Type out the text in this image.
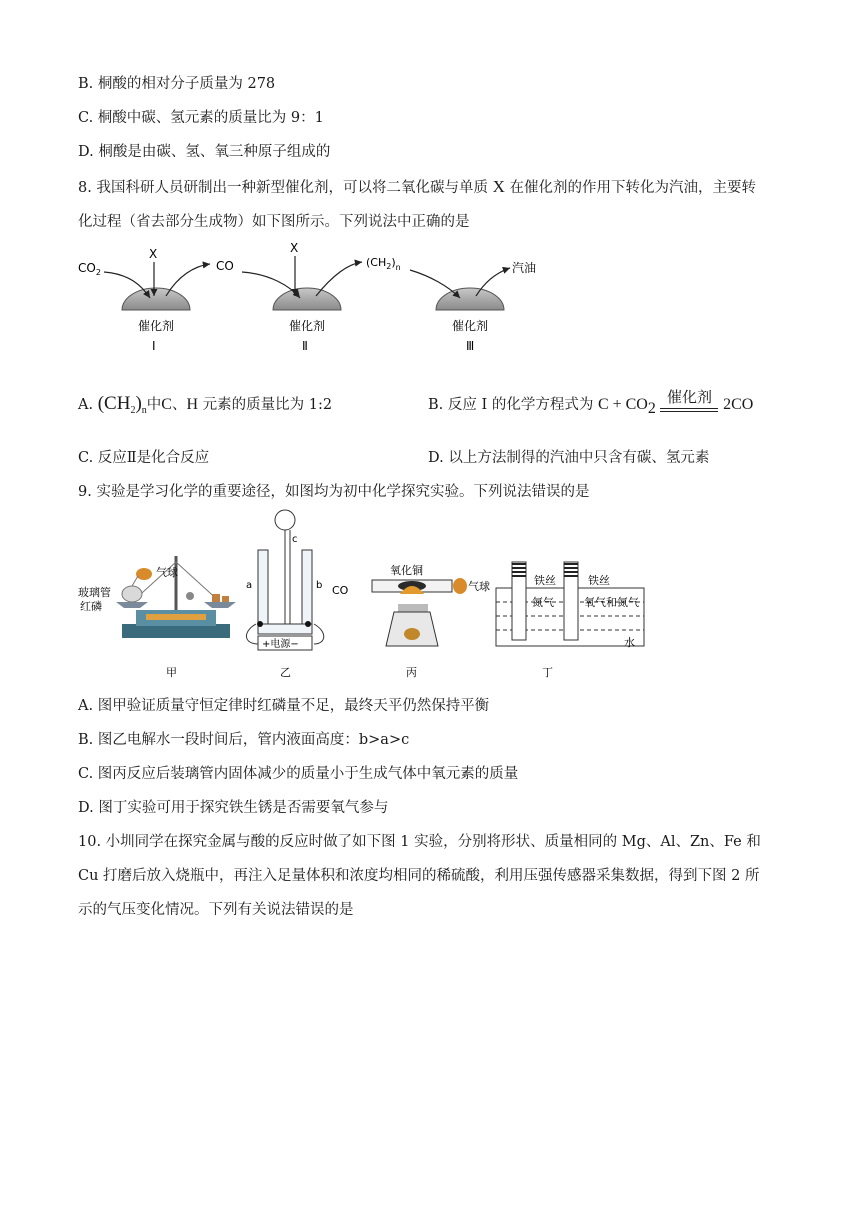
B. 桐酸的相对分子质量为 278
C. 桐酸中碳、氢元素的质量比为 9：1
D. 桐酸是由碳、氢、氧三种原子组成的
8. 我国科研人员研制出一种新型催化剂，可以将二氧化碳与单质 X 在催化剂的作用下转化为汽油，主要转
化过程（省去部分生成物）如下图所示。下列说法中正确的是
$CO_2$
X
CO
X
$(CH_2)_n$	汽油
催化剂	催化剂	催化剂
Ⅰ	Ⅱ	Ⅲ
A. $(CH_2)_n$中C、H 元素的质量比为 1:2	B. 反应 I 的化学方程式为 $C + CO_2$
催化剂 2CO
C. 反应Ⅱ是化合反应	D. 以上方法制得的汽油中只含有碳、氢元素
9. 实验是学习化学的重要途径，如图均为初中化学探究实验。下列说法错误的是
气球
玻璃管
红磷
c
a	b
+电源−
CO
氧化铜
气球	铁丝	铁丝
氮气	氧气和氮气
水
甲	乙	丙	丁
A. 图甲验证质量守恒定律时红磷量不足，最终天平仍然保持平衡
B. 图乙电解水一段时间后，管内液面高度：b>a>c
C. 图丙反应后装璃管内固体减少的质量小于生成气体中氧元素的质量
D. 图丁实验可用于探究铁生锈是否需要氧气参与
10. 小圳同学在探究金属与酸的反应时做了如下图 1 实验，分别将形状、质量相同的 Mg、Al、Zn、Fe 和
Cu 打磨后放入烧瓶中，再注入足量体积和浓度均相同的稀硫酸，利用压强传感器采集数据，得到下图 2 所
示的气压变化情况。下列有关说法错误的是
